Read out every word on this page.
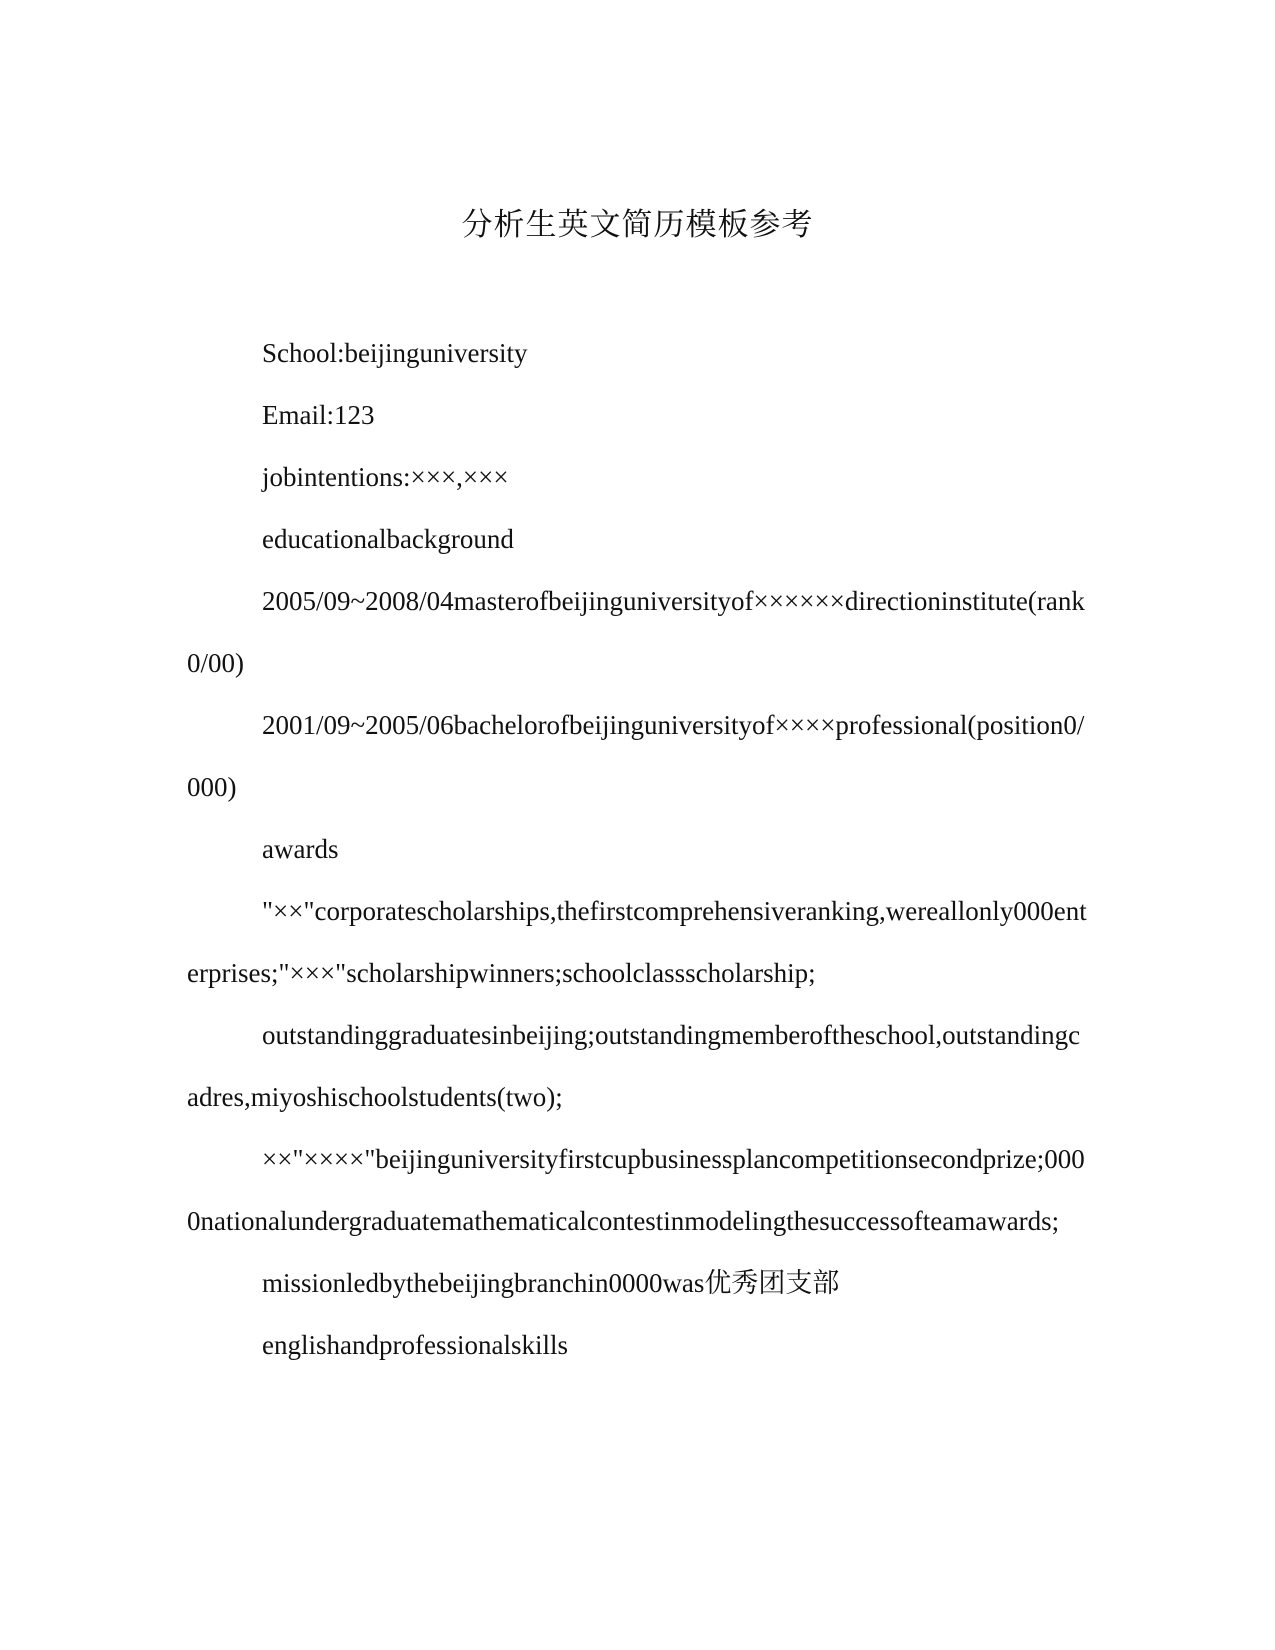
分析生英文简历模板参考

School:beijinguniversity

Email:123

jobintentions:×××,×××

educationalbackground

2005/09~2008/04masterofbeijinguniversityof××××××directioninstitute(rank0/00)

2001/09~2005/06bachelorofbeijinguniversityof××××professional(position0/000)

awards

"××"corporatescholarships,thefirstcomprehensiveranking,wereallonly000enterprises;"×××"scholarshipwinners;schoolclassscholarship;

outstandinggraduatesinbeijing;outstandingmemberoftheschool,outstandingcadres,miyoshischoolstudents(two);

××"××××"beijinguniversityfirstcupbusinessplancompetitionsecondprize;0000nationalundergraduatemathematicalcontestinmodelingthesuccessofteamawards;

missionledbythebeijingbranchin0000was优秀团支部

englishandprofessionalskills
